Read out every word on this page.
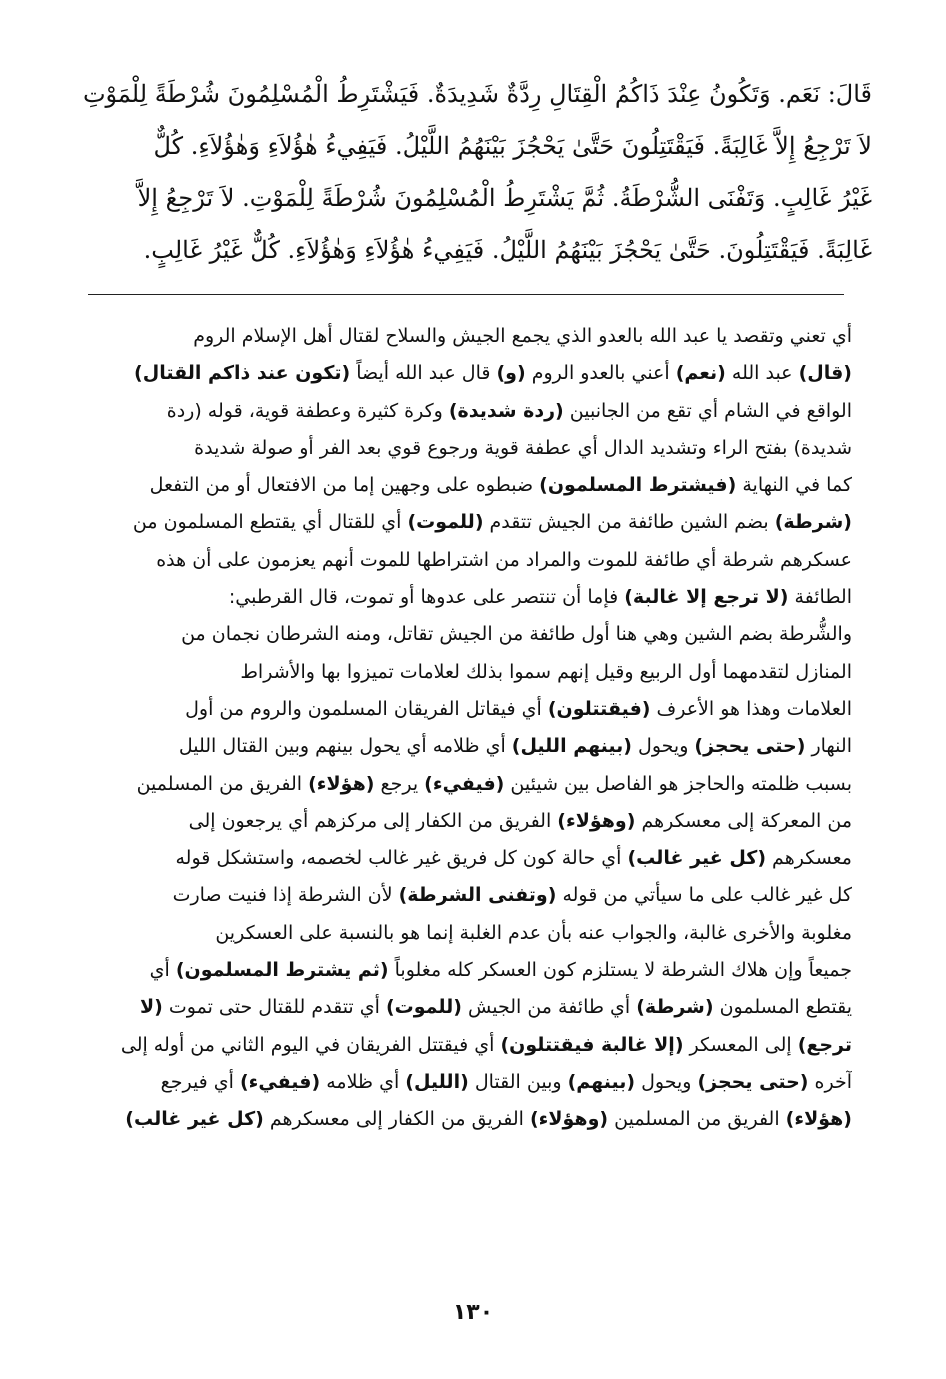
قَالَ: نَعَم. وَتَكُونُ عِنْدَ ذَاكُمُ الْقِتَالِ رِدَّةٌ شَدِيدَةٌ. فَيَشْتَرِطُ الْمُسْلِمُونَ شُرْطَةً لِلْمَوْتِ
لاَ تَرْجِعُ إِلاَّ غَالِبَةً. فَيَقْتَتِلُونَ حَتَّىٰ يَحْجُزَ بَيْنَهُمُ اللَّيْلُ. فَيَفِيءُ هٰؤُلاَءِ وَهٰؤُلاَءِ. كُلٌّ
غَيْرُ غَالِبٍ. وَتَفْنَى الشُّرْطَةُ. ثُمَّ يَشْتَرِطُ الْمُسْلِمُونَ شُرْطَةً لِلْمَوْتِ. لاَ تَرْجِعُ إِلاَّ
غَالِبَةً. فَيَقْتَتِلُونَ. حَتَّىٰ يَحْجُزَ بَيْنَهُمُ اللَّيْلُ. فَيَفِيءُ هٰؤُلاَءِ وَهٰؤُلاَءِ. كُلٌّ غَيْرُ غَالِبٍ.

أي تعني وتقصد يا عبد الله بالعدو الذي يجمع الجيش والسلاح لقتال أهل الإسلام الروم
(قال) عبد الله (نعم) أعني بالعدو الروم (و) قال عبد الله أيضاً (تكون عند ذاكم القتال)
الواقع في الشام أي تقع من الجانبين (ردة شديدة) وكرة كثيرة وعطفة قوية، قوله (ردة
شديدة) بفتح الراء وتشديد الدال أي عطفة قوية ورجوع قوي بعد الفر أو صولة شديدة
كما في النهاية (فيشترط المسلمون) ضبطوه على وجهين إما من الافتعال أو من التفعل
(شرطة) بضم الشين طائفة من الجيش تتقدم (للموت) أي للقتال أي يقتطع المسلمون من
عسكرهم شرطة أي طائفة للموت والمراد من اشتراطها للموت أنهم يعزمون على أن هذه
الطائفة (لا ترجع إلا غالبة) فإما أن تنتصر على عدوها أو تموت، قال القرطبي:
والشُّرطة بضم الشين وهي هنا أول طائفة من الجيش تقاتل، ومنه الشرطان نجمان من
المنازل لتقدمهما أول الربيع وقيل إنهم سموا بذلك لعلامات تميزوا بها والأشراط
العلامات وهذا هو الأعرف (فيقتتلون) أي فيقاتل الفريقان المسلمون والروم من أول
النهار (حتى يحجز) ويحول (بينهم الليل) أي ظلامه أي يحول بينهم وبين القتال الليل
بسبب ظلمته والحاجز هو الفاصل بين شيئين (فيفيء) يرجع (هؤلاء) الفريق من المسلمين
من المعركة إلى معسكرهم (وهؤلاء) الفريق من الكفار إلى مركزهم أي يرجعون إلى
معسكرهم (كل غير غالب) أي حالة كون كل فريق غير غالب لخصمه، واستشكل قوله
كل غير غالب على ما سيأتي من قوله (وتفنى الشرطة) لأن الشرطة إذا فنيت صارت
مغلوبة والأخرى غالبة، والجواب عنه بأن عدم الغلبة إنما هو بالنسبة على العسكرين
جميعاً وإن هلاك الشرطة لا يستلزم كون العسكر كله مغلوباً (ثم يشترط المسلمون) أي
يقتطع المسلمون (شرطة) أي طائفة من الجيش (للموت) أي تتقدم للقتال حتى تموت (لا
ترجع) إلى المعسكر (إلا غالبة فيقتتلون) أي فيقتتل الفريقان في اليوم الثاني من أوله إلى
آخره (حتى يحجز) ويحول (بينهم) وبين القتال (الليل) أي ظلامه (فيفيء) أي فيرجع
(هؤلاء) الفريق من المسلمين (وهؤلاء) الفريق من الكفار إلى معسكرهم (كل غير غالب)
١٣٠
